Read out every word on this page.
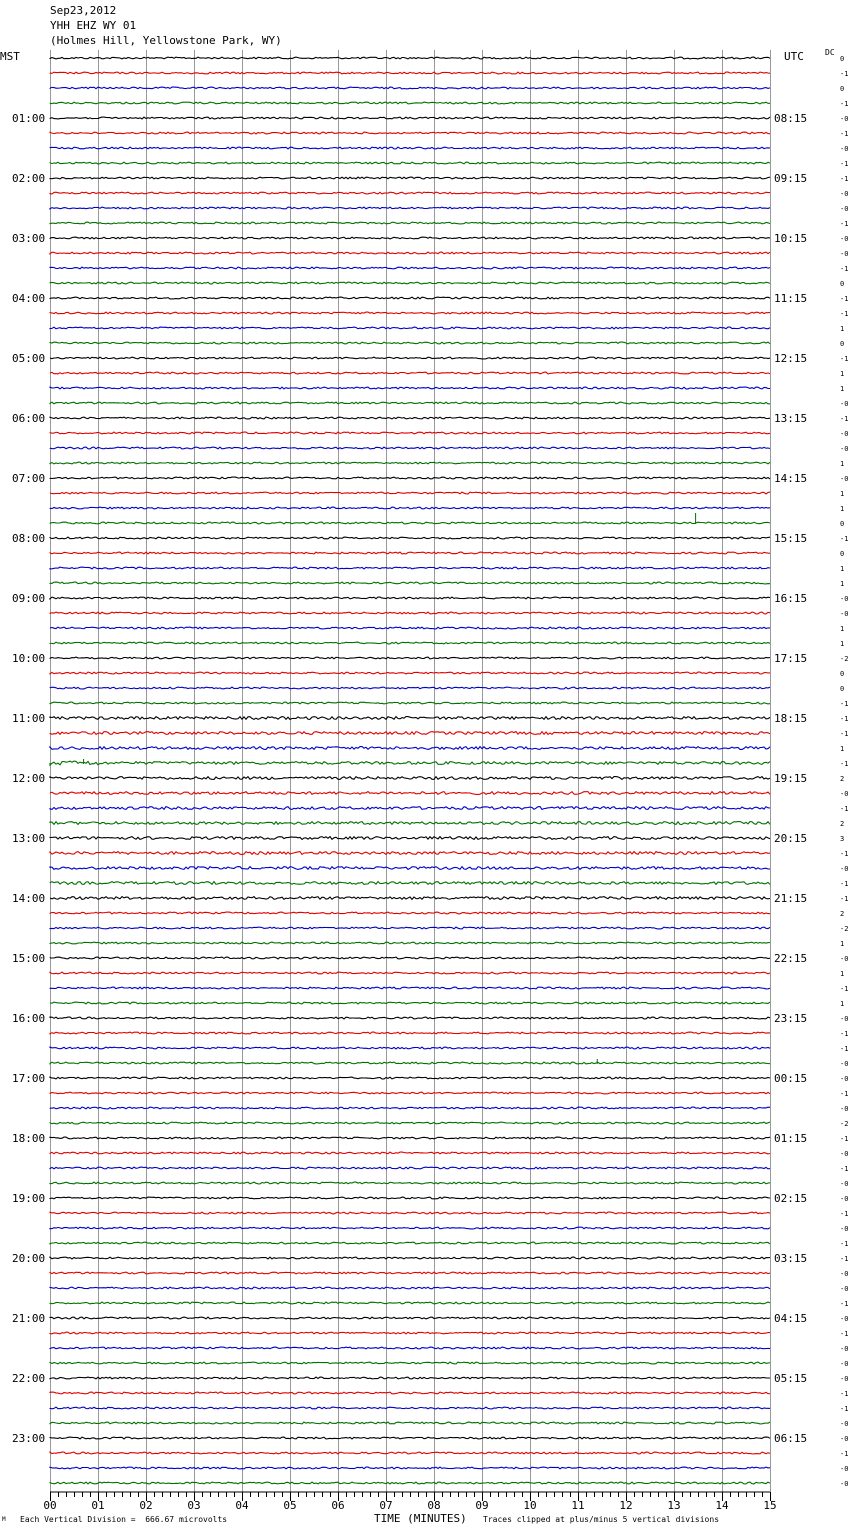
Sep23,2012
YHH EHZ WY 01
(Holmes Hill, Yellowstone Park, WY)
MST	UTC	DC
0
-1
0
-1
-0
-1
-0
-1
-1
-0
-0
-1
-0
-0
-1
0
-1
-1
1
0
-1
1
1
-0
-1
-0
-0
1
-0
1
1
0
-1
0
1
1
-0
-0
1
1
-2
0
0
-1
-1
-1
1
-1
2
-0
-1
2
3
-1
-0
-1
-1
2
-2
1
-0
1
-1
1
-0
-1
-1
-0
-0
-1
-0
-2
-1
-0
-1
-0
-0
-1
-0
-1
-1
-0
-0
-1
-0
-1
-0
-0
-0
-1
-1
-0
-0
-1
-0
-0
01:00	08:15
02:00	09:15
03:00	10:15
04:00	11:15
05:00	12:15
06:00	13:15
07:00	14:15
08:00	15:15
09:00	16:15
10:00	17:15
11:00	18:15
12:00	19:15
13:00	20:15
14:00	21:15
15:00	22:15
16:00	23:15
17:00	00:15
18:00	01:15
19:00	02:15
20:00	03:15
21:00	04:15
22:00	05:15
23:00	06:15
00	01	02	03	04	05	06	07	08	09	10	11	12	13	14	15
M Each Vertical Division =  666.67 microvolts	TIME (MINUTES) Traces clipped at plus/minus 5 vertical divisions
